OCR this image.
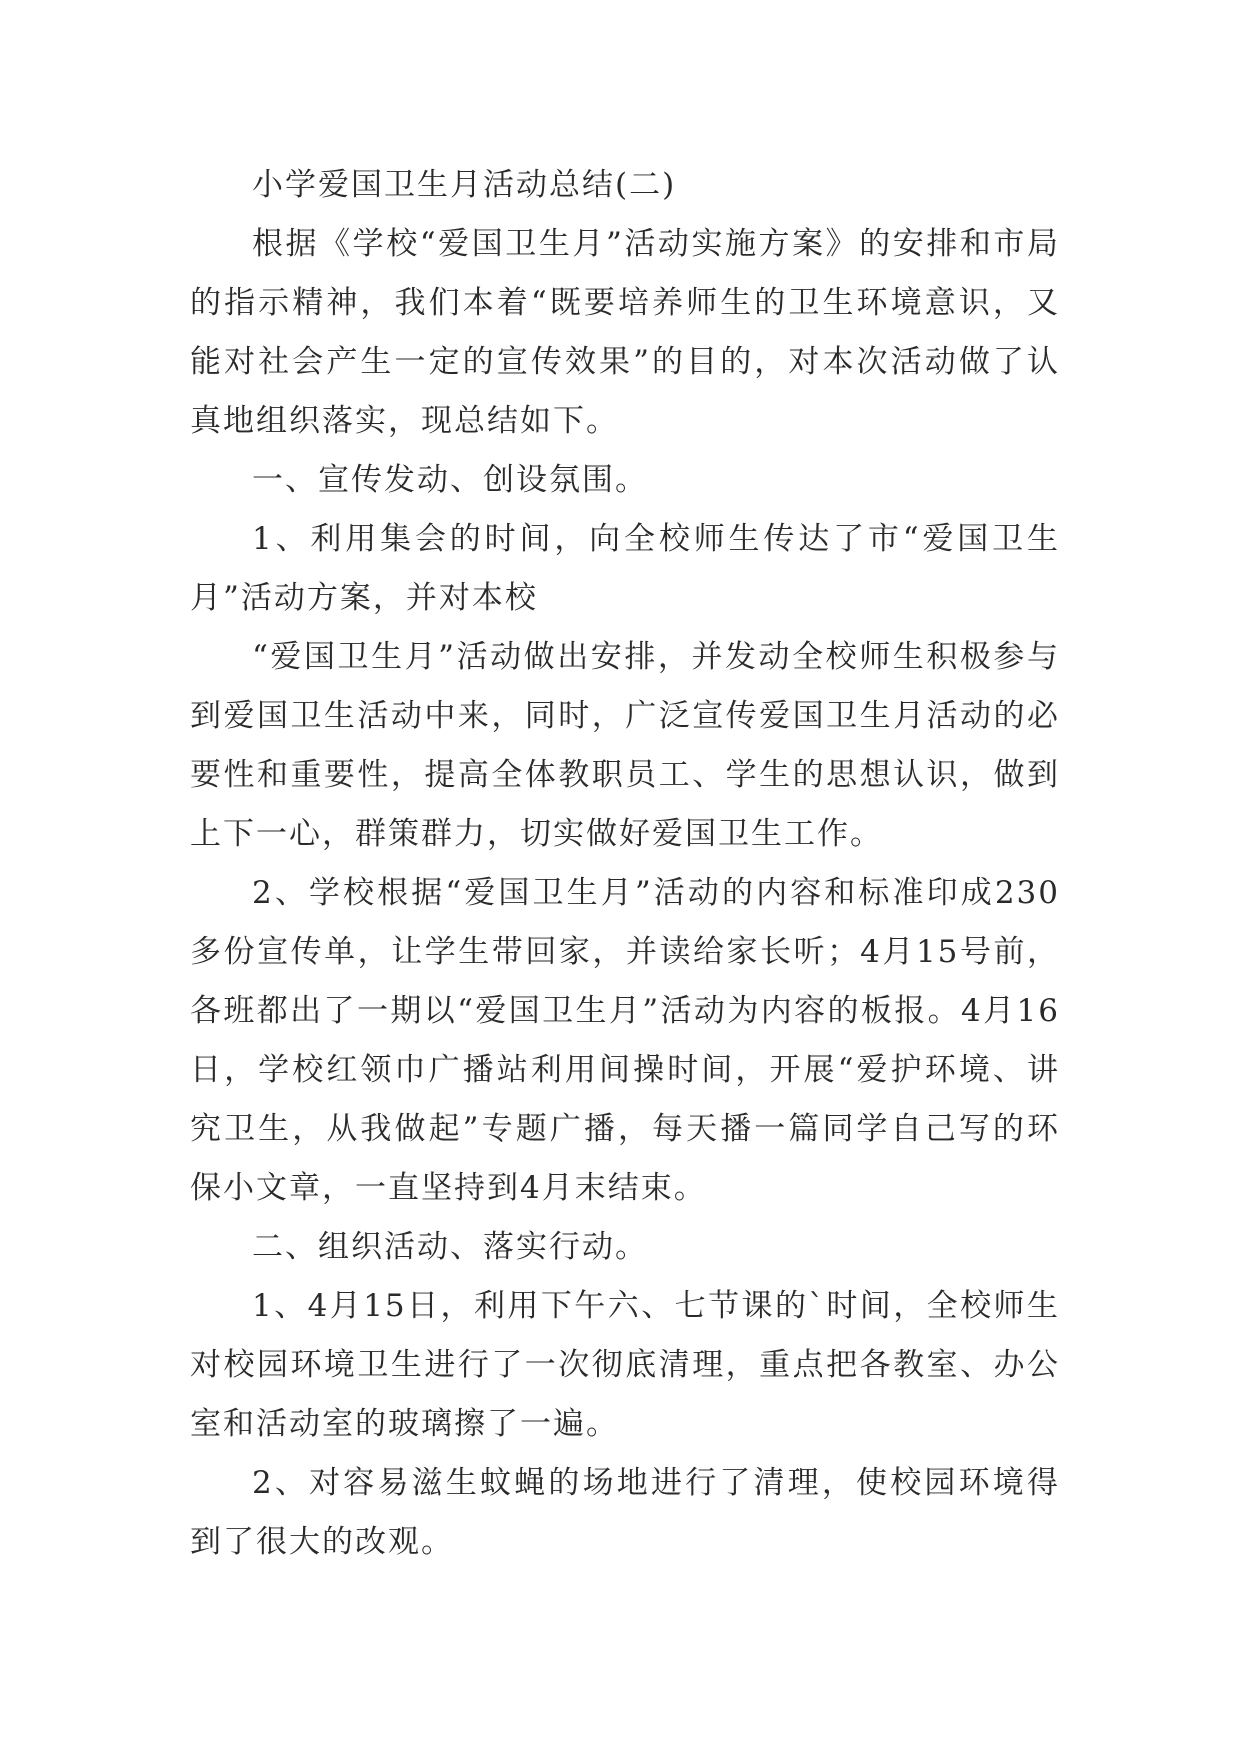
小学爱国卫生月活动总结(二)

根据《学校“爱国卫生月”活动实施方案》的安排和市局的指示精神，我们本着“既要培养师生的卫生环境意识，又能对社会产生一定的宣传效果”的目的，对本次活动做了认真地组织落实，现总结如下。

一、宣传发动、创设氛围。

1、利用集会的时间，向全校师生传达了市“爱国卫生月”活动方案，并对本校

“爱国卫生月”活动做出安排，并发动全校师生积极参与到爱国卫生活动中来，同时，广泛宣传爱国卫生月活动的必要性和重要性，提高全体教职员工、学生的思想认识，做到上下一心，群策群力，切实做好爱国卫生工作。

2、学校根据“爱国卫生月”活动的内容和标准印成230多份宣传单，让学生带回家，并读给家长听；4月15号前，各班都出了一期以“爱国卫生月”活动为内容的板报。4月16日，学校红领巾广播站利用间操时间，开展“爱护环境、讲究卫生，从我做起”专题广播，每天播一篇同学自己写的环保小文章，一直坚持到4月末结束。

二、组织活动、落实行动。

1、4月15日，利用下午六、七节课的`时间，全校师生对校园环境卫生进行了一次彻底清理，重点把各教室、办公室和活动室的玻璃擦了一遍。

2、对容易滋生蚊蝇的场地进行了清理，使校园环境得到了很大的改观。
